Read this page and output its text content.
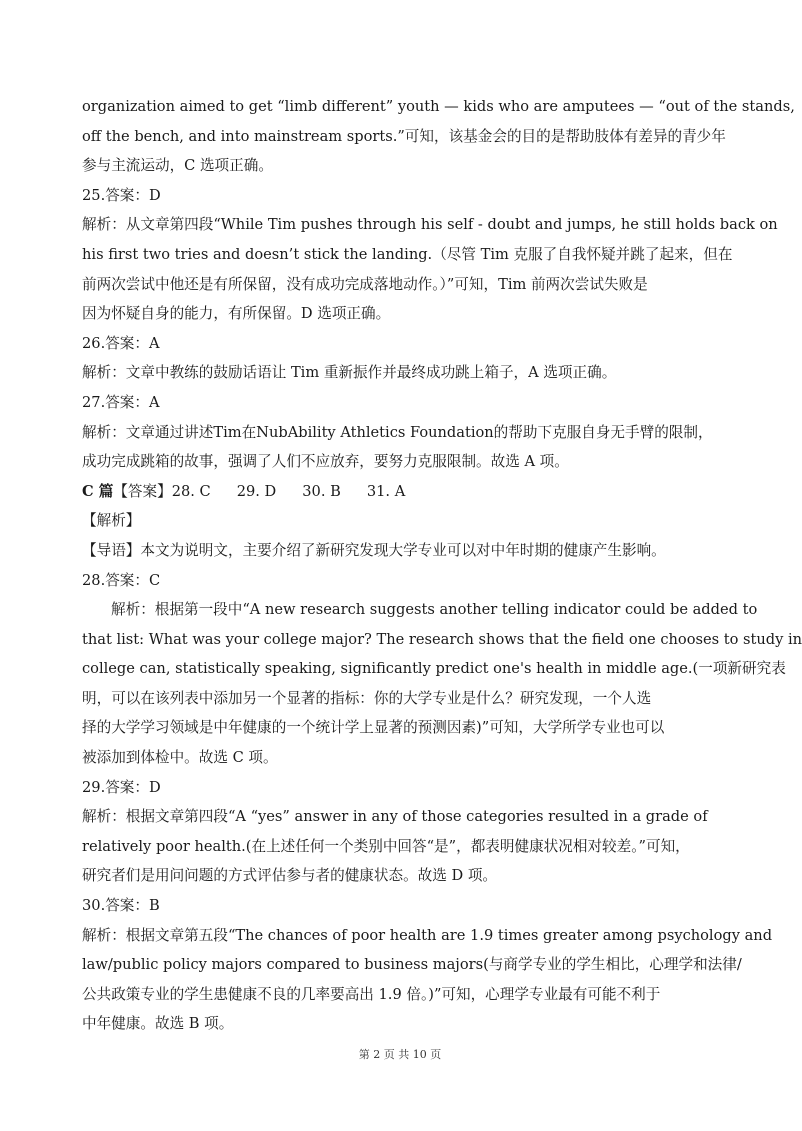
organization aimed to get “limb different” youth — kids who are amputees — “out of the stands,
off the bench, and into mainstream sports.”可知，该基金会的目的是帮助肢体有差异的青少年
参与主流运动，C 选项正确。
25.答案：D
解析：从文章第四段“While Tim pushes through his self - doubt and jumps, he still holds back on
his first two tries and doesn’t stick the landing.（尽管 Tim 克服了自我怀疑并跳了起来，但在
前两次尝试中他还是有所保留，没有成功完成落地动作。）”可知，Tim 前两次尝试失败是
因为怀疑自身的能力，有所保留。D 选项正确。
26.答案：A
解析：文章中教练的鼓励话语让 Tim 重新振作并最终成功跳上箱子，A 选项正确。
27.答案：A
解析：文章通过讲述Tim在NubAbility Athletics Foundation的帮助下克服自身无手臂的限制，
成功完成跳箱的故事，强调了人们不应放弃，要努力克服限制。故选 A 项。
C 篇【答案】28. C 29. D 30. B 31. A
【解析】
【导语】本文为说明文，主要介绍了新研究发现大学专业可以对中年时期的健康产生影响。
28.答案：C
解析：根据第一段中“A new research suggests another telling indicator could be added to
that list: What was your college major? The research shows that the field one chooses to study in
college can, statistically speaking, significantly predict one's health in middle age.(一项新研究表
明，可以在该列表中添加另一个显著的指标：你的大学专业是什么？研究发现，一个人选
择的大学学习领域是中年健康的一个统计学上显著的预测因素)”可知，大学所学专业也可以
被添加到体检中。故选 C 项。
29.答案：D
解析：根据文章第四段“A “yes” answer in any of those categories resulted in a grade of
relatively poor health.(在上述任何一个类别中回答“是”，都表明健康状况相对较差。”可知，
研究者们是用问问题的方式评估参与者的健康状态。故选 D 项。
30.答案：B
解析：根据文章第五段“The chances of poor health are 1.9 times greater among psychology and
law/public policy majors compared to business majors(与商学专业的学生相比，心理学和法律/
公共政策专业的学生患健康不良的几率要高出 1.9 倍。)”可知，心理学专业最有可能不利于
中年健康。故选 B 项。
第 2 页 共 10 页
